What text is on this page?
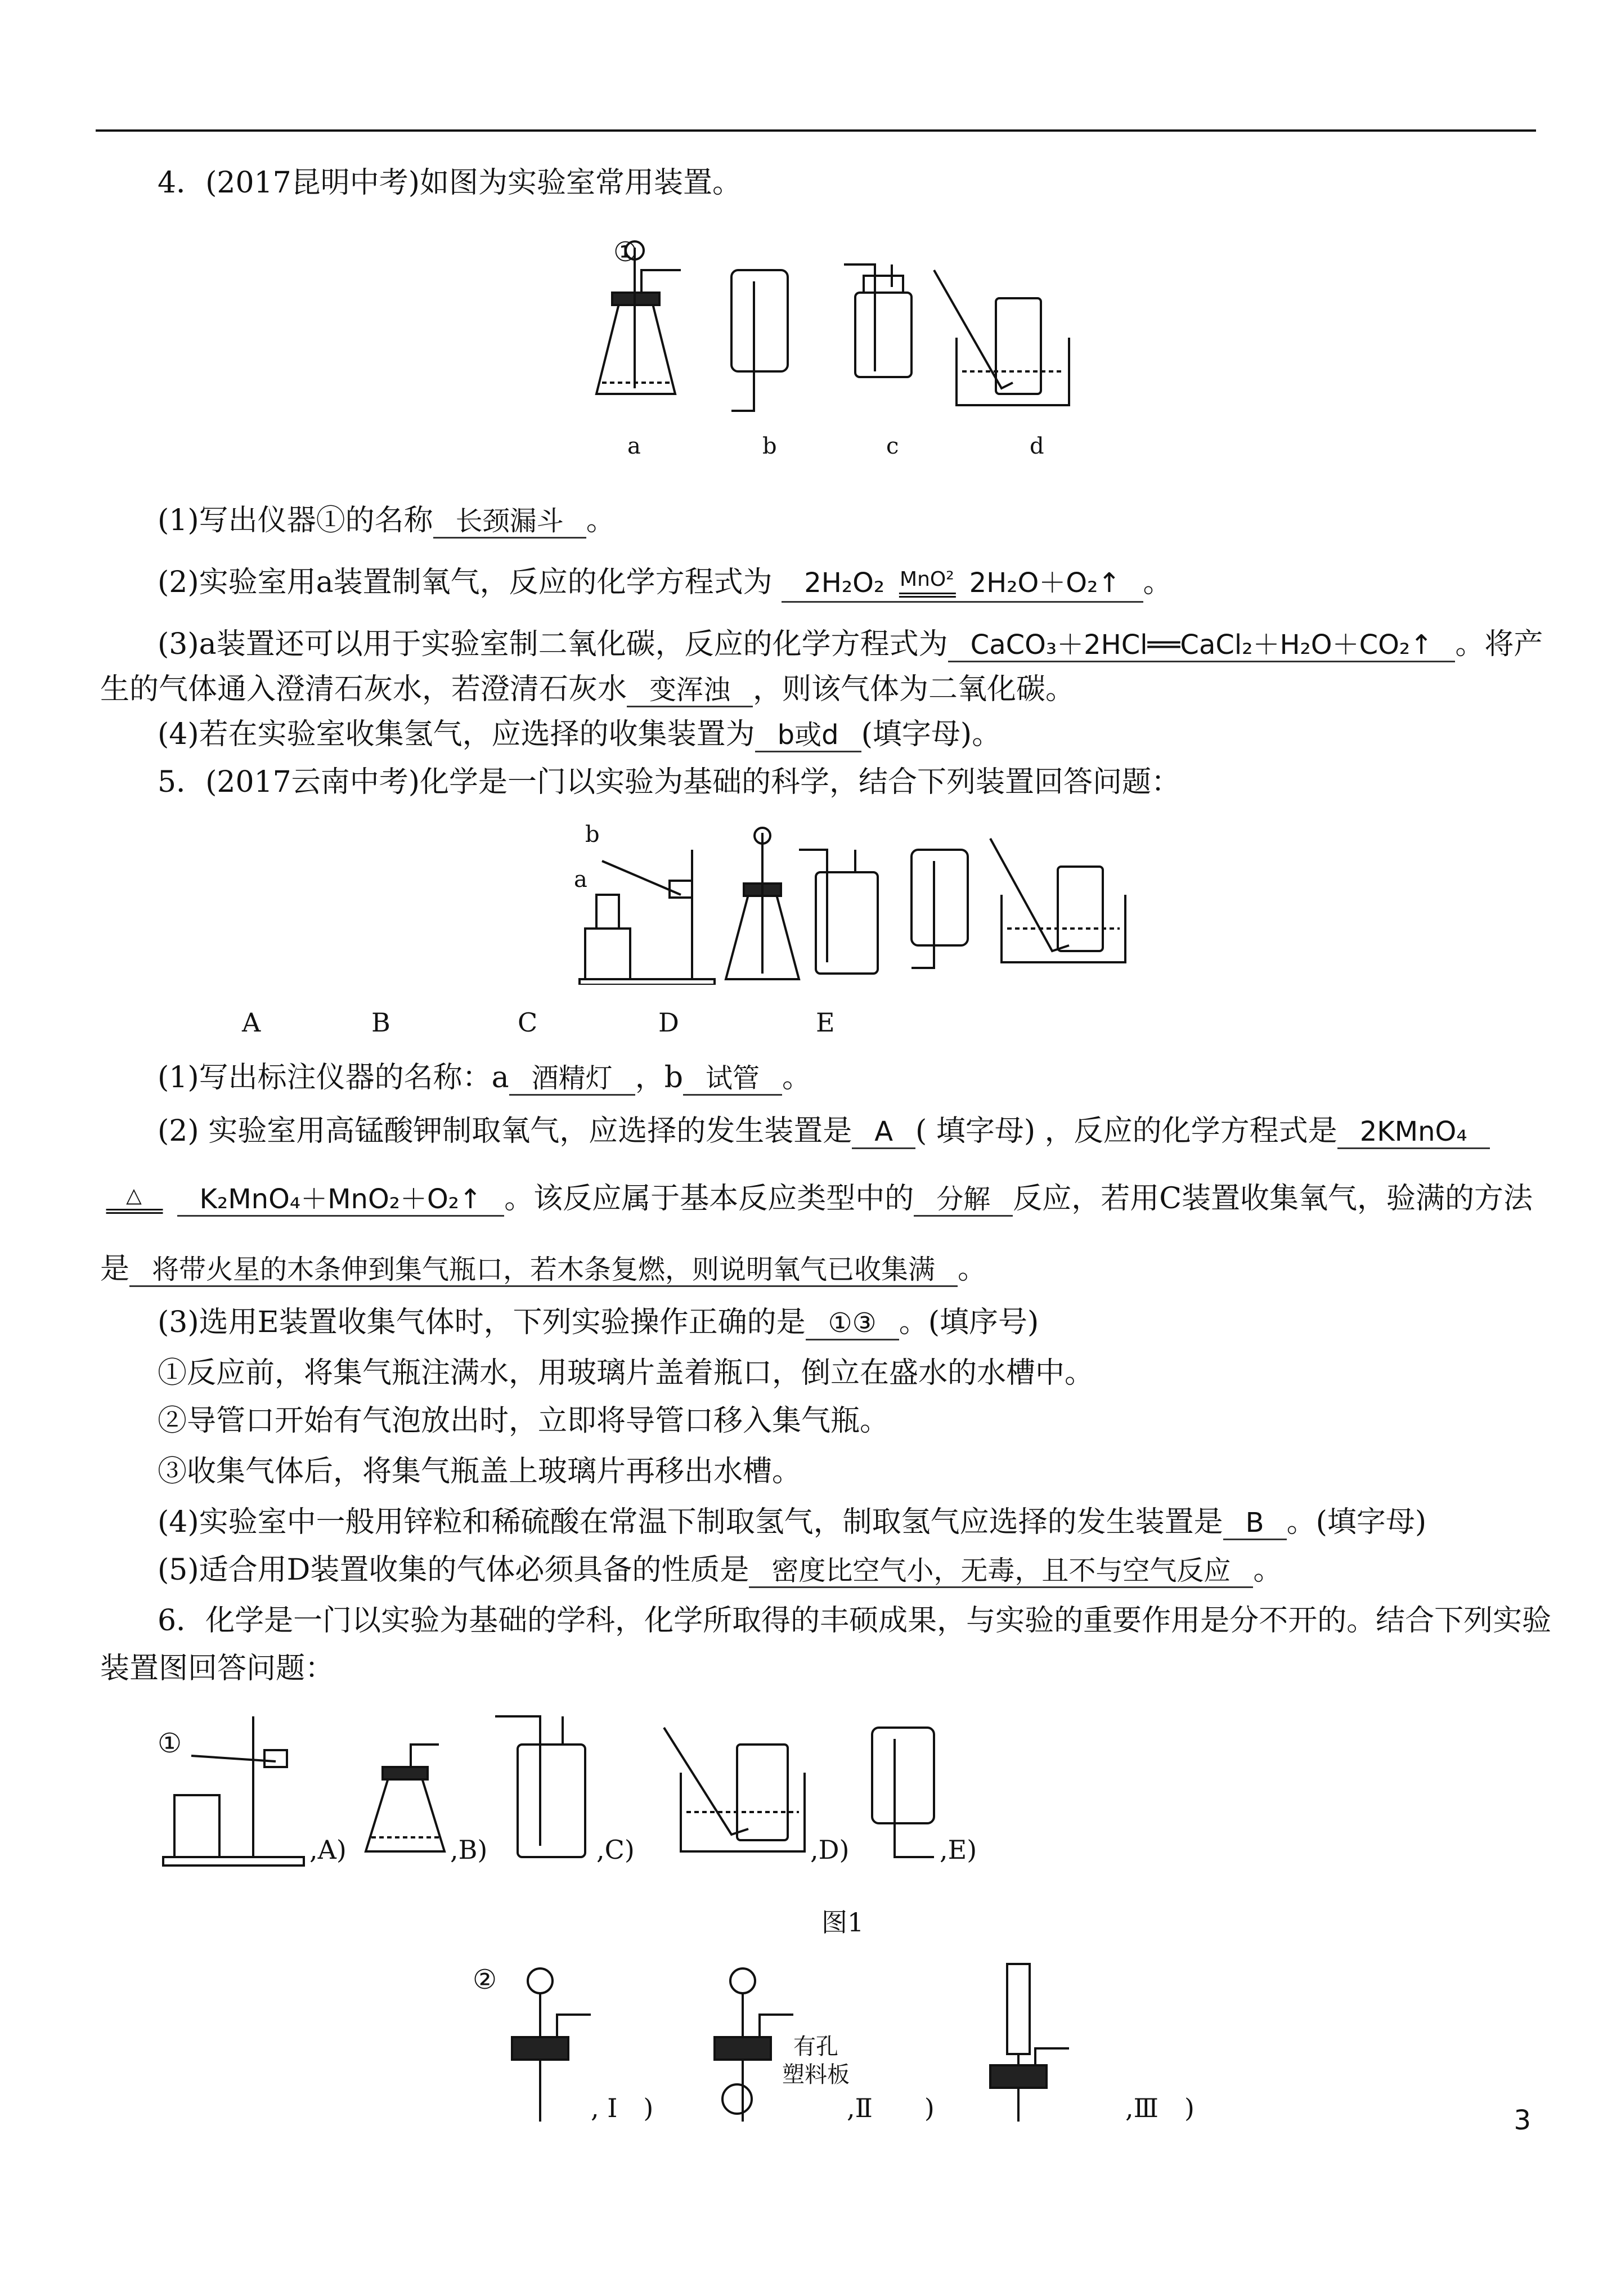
4．(2017昆明中考)如图为实验室常用装置。
①
a	b	c	d
(1)写出仪器①的名称 长颈漏斗 。
(2)实验室用a装置制氧气，反应的化学方程式为 2H₂O₂ MnO²
═════ 2H₂O＋O₂↑ 。
(3)a装置还可以用于实验室制二氧化碳，反应的化学方程式为 CaCO₃＋2HCl══CaCl₂＋H₂O＋CO₂↑ 。将产
生的气体通入澄清石灰水，若澄清石灰水 变浑浊 ，则该气体为二氧化碳。
(4)若在实验室收集氢气，应选择的收集装置为 b或d (填字母)。
5．(2017云南中考)化学是一门以实验为基础的科学，结合下列装置回答问题：
b
a
A	B	C	D	E
(1)写出标注仪器的名称：a 酒精灯 ，b 试管 。
(2) 实验室用高锰酸钾制取氧气，应选择的发生装置是 A ( 填字母) ，反应的化学方程式是 2KMnO₄
△
═════ K₂MnO₄＋MnO₂＋O₂↑ 。该反应属于基本反应类型中的 分解 反应，若用C装置收集氧气，验满的方法
是 将带火星的木条伸到集气瓶口，若木条复燃，则说明氧气已收集满 。
(3)选用E装置收集气体时，下列实验操作正确的是 ①③ 。(填序号)
①反应前，将集气瓶注满水，用玻璃片盖着瓶口，倒立在盛水的水槽中。
②导管口开始有气泡放出时，立即将导管口移入集气瓶。
③收集气体后，将集气瓶盖上玻璃片再移出水槽。
(4)实验室中一般用锌粒和稀硫酸在常温下制取氢气，制取氢气应选择的发生装置是 B 。(填字母)
(5)适合用D装置收集的气体必须具备的性质是 密度比空气小，无毒，且不与空气反应 。
6．化学是一门以实验为基础的学科，化学所取得的丰硕成果，与实验的重要作用是分不开的。结合下列实验
装置图回答问题：
①
,A)	,B)	,C)	,D)	,E)
图1
②
有孔
塑料板
, I　)	,Ⅱ　　)	,Ⅲ　)	3
